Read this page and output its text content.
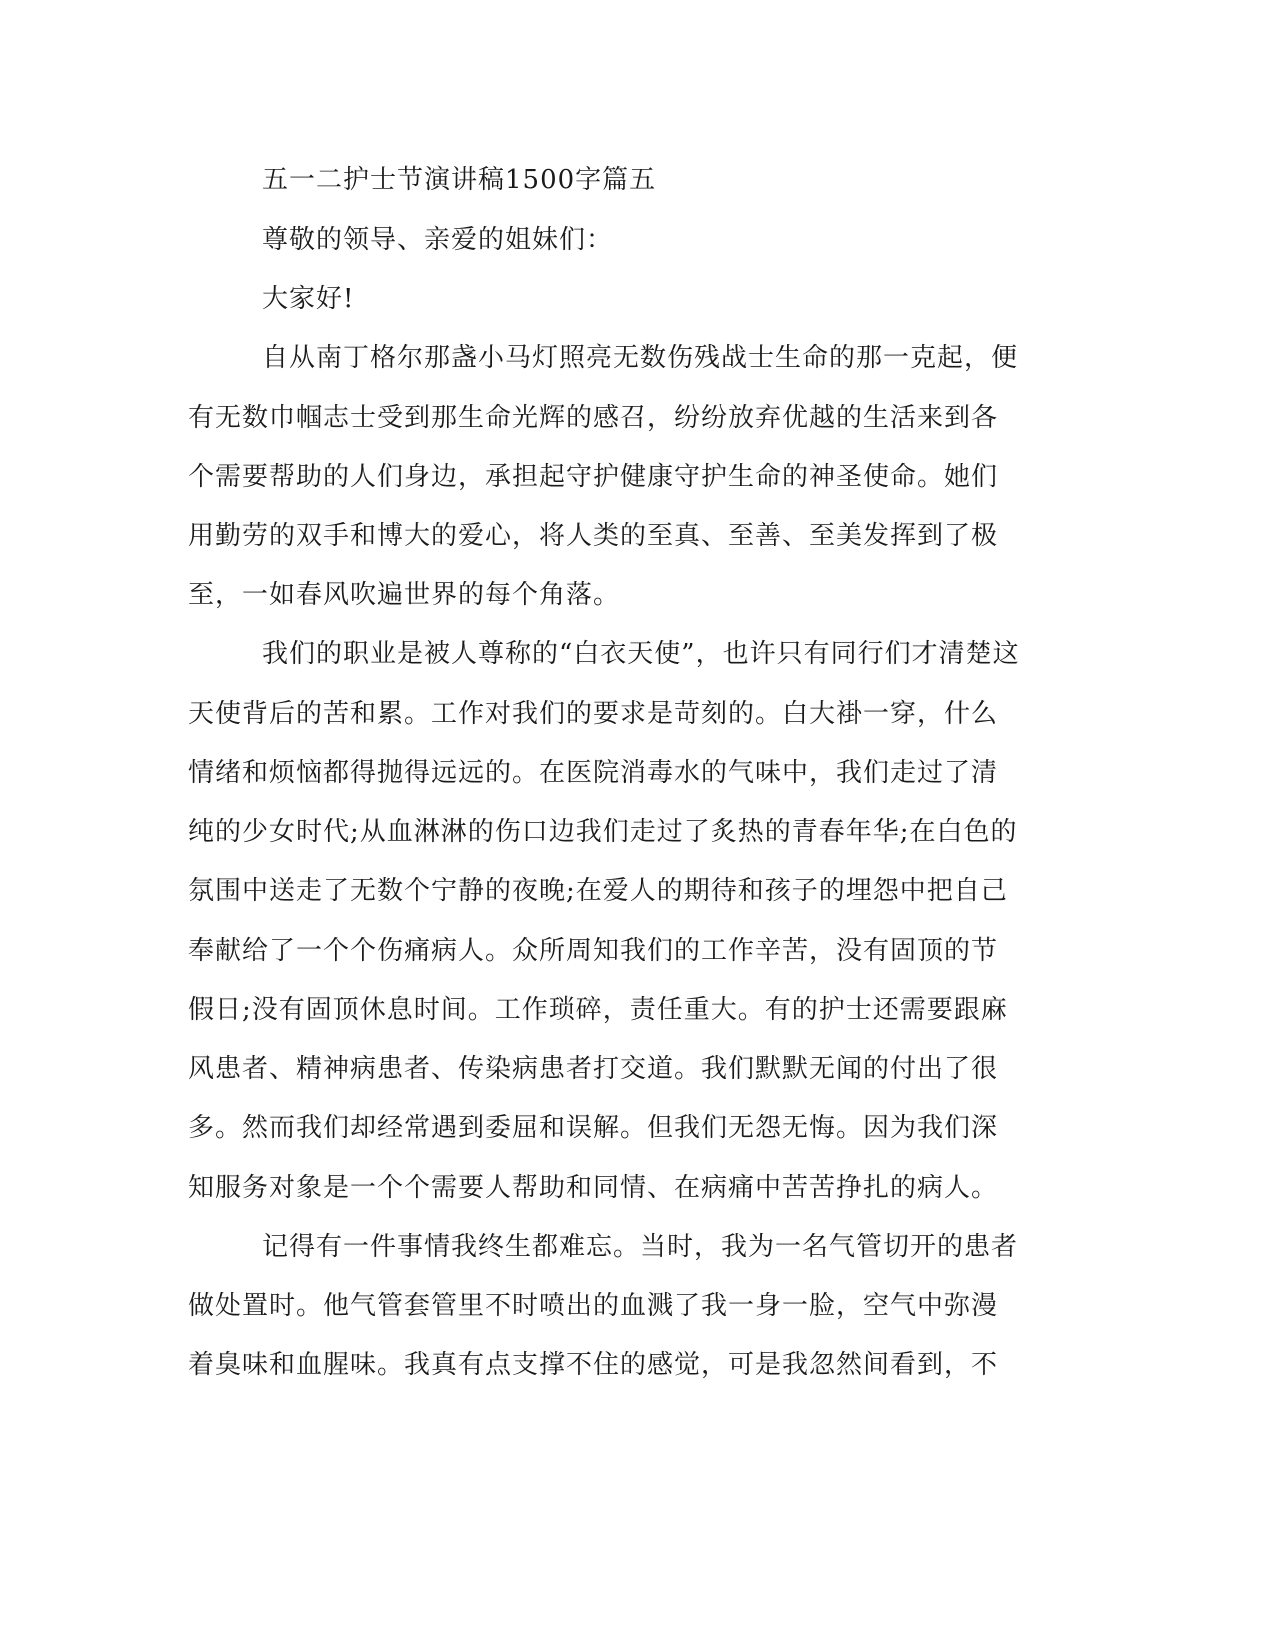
五一二护士节演讲稿1500字篇五
尊敬的领导、亲爱的姐妹们：
大家好!
自从南丁格尔那盏小马灯照亮无数伤残战士生命的那一克起，便
有无数巾帼志士受到那生命光辉的感召，纷纷放弃优越的生活来到各
个需要帮助的人们身边，承担起守护健康守护生命的神圣使命。她们
用勤劳的双手和博大的爱心，将人类的至真、至善、至美发挥到了极
至，一如春风吹遍世界的每个角落。
我们的职业是被人尊称的“白衣天使”，也许只有同行们才清楚这
天使背后的苦和累。工作对我们的要求是苛刻的。白大褂一穿，什么
情绪和烦恼都得抛得远远的。在医院消毒水的气味中，我们走过了清
纯的少女时代;从血淋淋的伤口边我们走过了炙热的青春年华;在白色的
氛围中送走了无数个宁静的夜晚;在爱人的期待和孩子的埋怨中把自己
奉献给了一个个伤痛病人。众所周知我们的工作辛苦，没有固顶的节
假日;没有固顶休息时间。工作琐碎，责任重大。有的护士还需要跟麻
风患者、精神病患者、传染病患者打交道。我们默默无闻的付出了很
多。然而我们却经常遇到委屈和误解。但我们无怨无悔。因为我们深
知服务对象是一个个需要人帮助和同情、在病痛中苦苦挣扎的病人。
记得有一件事情我终生都难忘。当时，我为一名气管切开的患者
做处置时。他气管套管里不时喷出的血溅了我一身一脸，空气中弥漫
着臭味和血腥味。我真有点支撑不住的感觉，可是我忽然间看到，不
